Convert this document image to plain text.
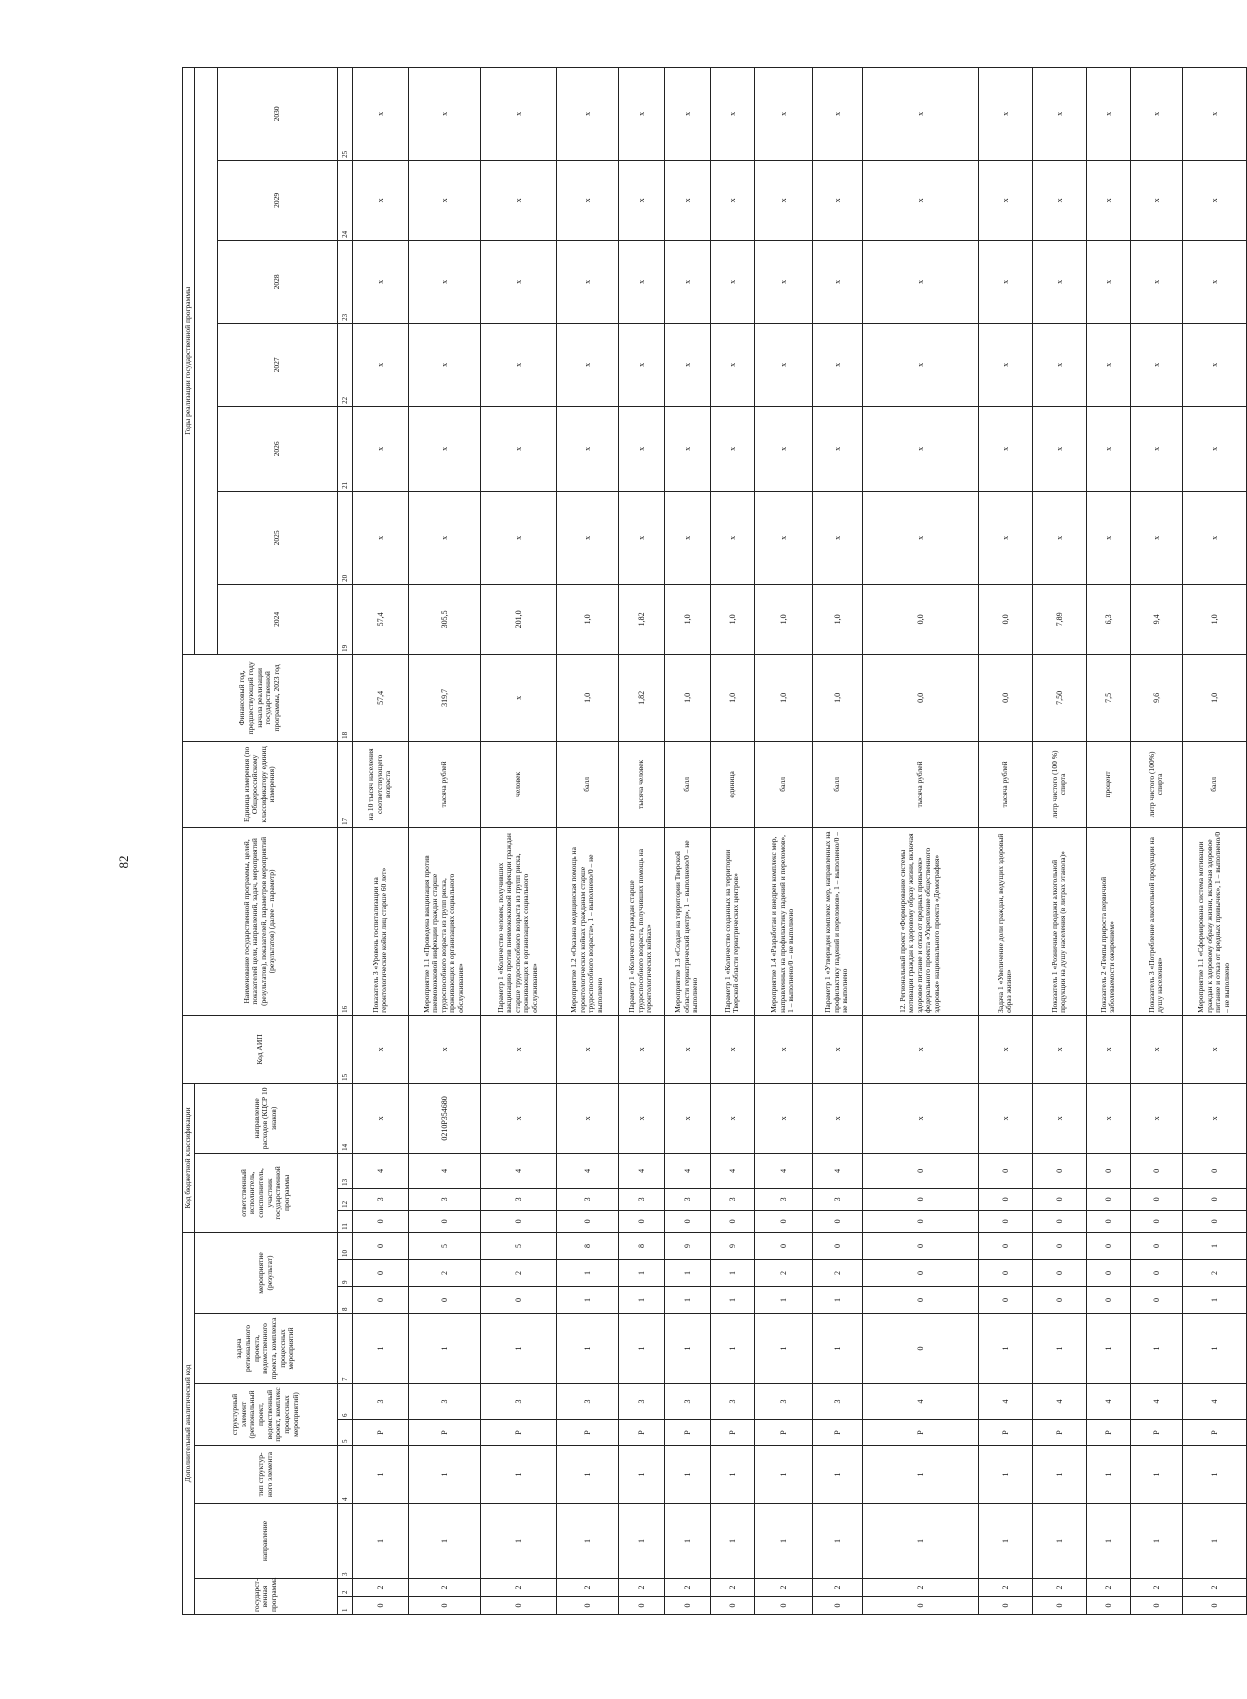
82
Дополнительный аналитический код										Код бюджетной классификации				Код АИП	Наименование государственной программы, целей, показателей цели, направлений, задач, мероприятий (результатов), показателей, параметров мероприятий (результатов) (далее – параметр)	Единица измерения (по Общероссийскому классификатору единиц измерения)	Финансовый год, предшествующий году начала реализации государственной программы, 2023 год	Годы реализации государственной программы						
государст-венная программа		направление	тип структур-ного элемента	структурный элемент (региональный проект, ведомственный проект, комплекс процессных мероприятий)		задача регионального проекта, ведомственного проекта, комплекса процессных мероприятий	мероприятие (результат)			ответственный исполнитель, соисполнитель, участник государственной программы			направление расходов (КЦСР 10 знаков)											
																		2024	2025	2026	2027	2028	2029	2030
1	2	3	4	5	6	7	8	9	10	11	12	13	14	15	16	17	18	19	20	21	22	23	24	25
0	2	1	1	Р	3	1	0	0	0	0	3	4	х	х	Показатель 3 «Уровень госпитализации на геронтологические койки лиц старше 60 лет»	на 10 тысяч населения соответствующего возраста	57,4	57,4	х	х	х	х	х	х
0	2	1	1	Р	3	1	0	2	5	0	3	4	0210Р354680	х	Мероприятие 1.1 «Проведена вакцинация против пневмококковой инфекции граждан старше трудоспособного возраста из групп риска, проживающих в организациях социального обслуживания»	тысяча рублей	319,7	305,5	х	х	х	х	х	х
0	2	1	1	Р	3	1	0	2	5	0	3	4	х	х	Параметр 1 «Количество человек, получивших вакцинацию против пневмококковой инфекции граждан старше трудоспособного возраста из групп риска, проживающих в организациях социального обслуживания»	человек	х	201,0	х	х	х	х	х	х
0	2	1	1	Р	3	1	1	1	8	0	3	4	х	х	Мероприятие 1.2 «Оказана медицинская помощь на геронтологических койках гражданам старше трудоспособного возраста», 1 – выполнено/0 – не выполнено	балл	1,0	1,0	х	х	х	х	х	х
0	2	1	1	Р	3	1	1	1	8	0	3	4	х	х	Параметр 1 «Количество граждан старше трудоспособного возраста, получивших помощь на геронтологических койках»	тысяча человек	1,82	1,82	х	х	х	х	х	х
0	2	1	1	Р	3	1	1	1	9	0	3	4	х	х	Мероприятие 1.3 «Создан на территории Тверской области гериатрический центр», 1 – выполнено/0 – не выполнено	балл	1,0	1,0	х	х	х	х	х	х
0	2	1	1	Р	3	1	1	1	9	0	3	4	х	х	Параметр 1 «Количество созданных на территории Тверской области гериатрических центров»	единица	1,0	1,0	х	х	х	х	х	х
0	2	1	1	Р	3	1	1	2	0	0	3	4	х	х	Мероприятие 1.4 «Разработан и внедрен комплекс мер, направленных на профилактику падений и переломов», 1 – выполнено/0 – не выполнено	балл	1,0	1,0	х	х	х	х	х	х
0	2	1	1	Р	3	1	1	2	0	0	3	4	х	х	Параметр 1 «Утвержден комплекс мер, направленных на профилактику падений и переломов», 1 – выполнено/0 – не выполнено	балл	1,0	1,0	х	х	х	х	х	х
0	2	1	1	Р	4	0	0	0	0	0	0	0	х	х	12. Региональный проект «Формирование системы мотивации граждан к здоровому образу жизни, включая здоровое питание и отказ от вредных привычек» федерального проекта «Укрепление общественного здоровья» национального проекта «Демография»	тысяча рублей	0,0	0,0	х	х	х	х	х	х
0	2	1	1	Р	4	1	0	0	0	0	0	0	х	х	Задача 1 «Увеличение доли граждан, ведущих здоровый образ жизни»	тысяча рублей	0,0	0,0	х	х	х	х	х	х
0	2	1	1	Р	4	1	0	0	0	0	0	0	х	х	Показатель 1 «Розничные продажи алкогольной продукции на душу населения (в литрах этанола)»	литр чистого (100 %) спирта	7,50	7,89	х	х	х	х	х	х
0	2	1	1	Р	4	1	0	0	0	0	0	0	х	х	Показатель 2 «Темпы прироста первичной заболеваемости ожирением»	процент	7,5	6,3	х	х	х	х	х	х
0	2	1	1	Р	4	1	0	0	0	0	0	0	х	х	Показатель 3 «Потребление алкогольной продукции на душу населения»	литр чистого (100%) спирта	9,6	9,4	х	х	х	х	х	х
0	2	1	1	Р	4	1	1	2	1	0	0	0	х	х	Мероприятие 1.1 «Сформирована система мотивации граждан к здоровому образу жизни, включая здоровое питание и отказ от вредных привычек», 1 – выполнено/0 – не выполнено	балл	1,0	1,0	х	х	х	х	х	х
